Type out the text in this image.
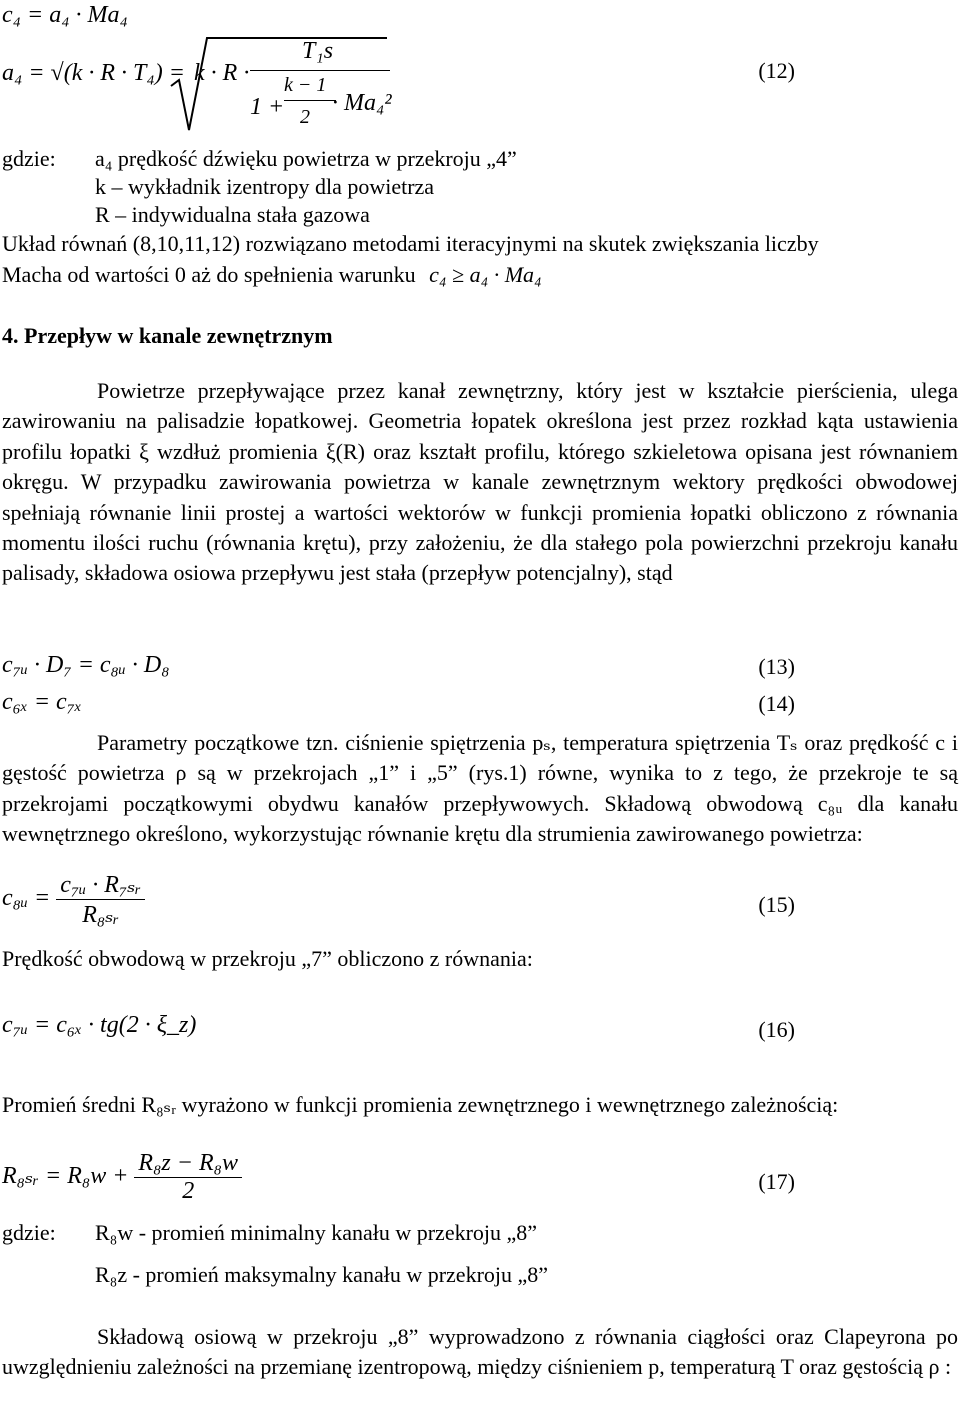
c₄ = a₄ · Ma₄
a₄ = √(k · R · T₄) = k · R ·
T₁s
1 +
k − 1
2
· Ma₄²
(12)
gdzie: a₄ prędkość dźwięku powietrza w przekroju „4”
k – wykładnik izentropy dla powietrza
R – indywidualna stała gazowa
Układ równań (8,10,11,12) rozwiązano metodami iteracyjnymi na skutek zwiększania liczby
Macha od wartości 0 aż do spełnienia warunku c₄ ≥ a₄ · Ma₄
4. Przepływ w kanale zewnętrznym
Powietrze przepływające przez kanał zewnętrzny, który jest w kształcie pierścienia, ulega zawirowaniu na palisadzie łopatkowej. Geometria łopatek określona jest przez rozkład kąta ustawienia profilu łopatki ξ wzdłuż promienia ξ(R) oraz kształt profilu, którego szkieletowa opisana jest równaniem okręgu. W przypadku zawirowania powietrza w kanale zewnętrznym wektory prędkości obwodowej spełniają równanie linii prostej a wartości wektorów w funkcji promienia łopatki obliczono z równania momentu ilości ruchu (równania krętu), przy założeniu, że dla stałego pola powierzchni przekroju kanału palisady, składowa osiowa przepływu jest stała (przepływ potencjalny), stąd
c₇ᵤ · D₇ = c₈ᵤ · D₈	(13)
c₆ₓ = c₇ₓ	(14)
Parametry początkowe tzn. ciśnienie spiętrzenia pₛ, temperatura spiętrzenia Tₛ oraz prędkość c i gęstość powietrza ρ są w przekrojach „1” i „5” (rys.1) równe, wynika to z tego, że przekroje te są przekrojami początkowymi obydwu kanałów przepływowych. Składową obwodową c₈ᵤ dla kanału wewnętrznego określono, wykorzystując równanie krętu dla strumienia zawirowanego powietrza:
c₈ᵤ = $\frac{\text{c₇ᵤ · R₇ₛᵣ}}{\text{R₈ₛᵣ}}$	(15)
Prędkość obwodową w przekroju „7” obliczono z równania:
c₇ᵤ = c₆ₓ · tg(2 · ξ_z)	(16)
Promień średni R₈ₛᵣ wyrażono w funkcji promienia zewnętrznego i wewnętrznego zależnością:
R₈ₛᵣ = $R_8w + \frac{\text{R₈z − R₈w}}{2}$	(17)
gdzie: R₈w - promień minimalny kanału w przekroju „8”
R₈z - promień maksymalny kanału w przekroju „8”
Składową osiową w przekroju „8” wyprowadzono z równania ciągłości oraz Clapeyrona po uwzględnieniu zależności na przemianę izentropową, między ciśnieniem p, temperaturą T oraz gęstością ρ :
